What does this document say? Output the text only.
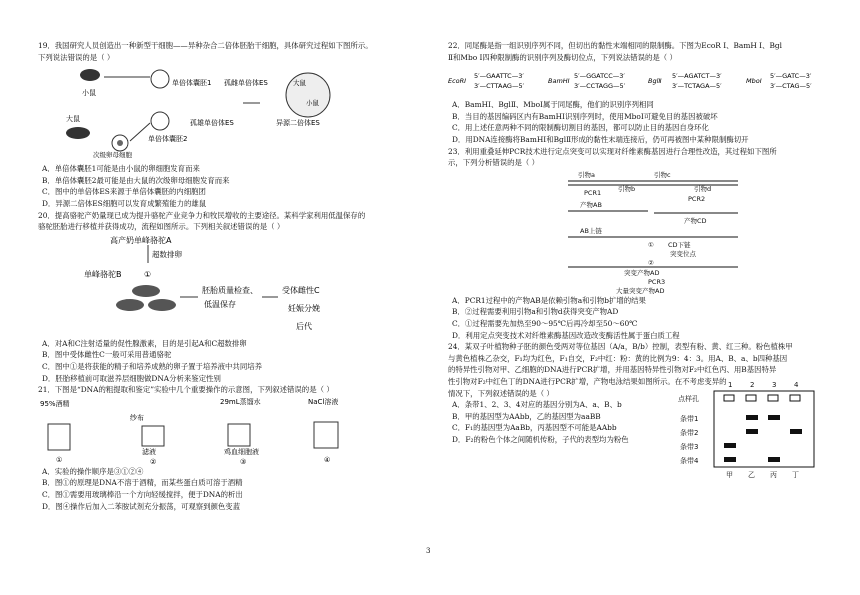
19．我国研究人员创造出一种新型干细胞——异种杂合二倍体胚胎干细胞，具体研究过程如下图所示。
下列说法错误的是（ ）

小鼠
大鼠
次级卵母细胞
单倍体囊胚1
单倍体囊胚2
孤雌单倍体ES
孤雄单倍体ES
大鼠
小鼠
异源二倍体ES

A．单倍体囊胚1可能是由小鼠的卵细胞发育而来

B．单倍体囊胚2最可能是由大鼠的次级卵母细胞发育而来

C．图中的单倍体ES来源于单倍体囊胚的内细胞团

D．异源二倍体ES细胞可以发育成繁殖能力的雄鼠

20．提高骆驼产奶量现已成为提升骆驼产业竞争力和牧民增收的主要途径。某科学家利用低温保存的
骆驼胚胎进行移植并获得成功，流程如图所示。下列相关叙述错误的是（ ）

高产奶单峰骆驼A
超数排卵
单峰骆驼B	①
胚胎质量检查、
低温保存
受体雌性C
妊娠分娩
后代

A．对A和C注射适量的促性腺激素，目的是引起A和C超数排卵

B．图中受体雌性C一般可采用普通骆驼

C．图中①是将获能的精子和培养成熟的卵子置于培养液中共同培养

D．胚胎移植前可取滋养层细胞做DNA分析来鉴定性别

21．下图是“DNA的粗提取和鉴定”实验中几个重要操作的示意图，下列叙述错误的是（ ）

95%酒精
①
纱布
滤液
②
29mL蒸馏水
鸡血细胞液
③
NaCl溶液
④

A．实验的操作顺序是③①②④

B．图①的原理是DNA不溶于酒精，而某些蛋白质可溶于酒精

C．图①需要用玻璃棒沿一个方向轻缓搅拌，便于DNA的析出

D．图④操作后加入二苯胺试剂充分振荡，可观察到颜色变蓝

22．同尾酶是指一组识别序列不同，但切出的黏性末端相同的限制酶。下图为EcoR Ⅰ、BamH Ⅰ、Bgl
Ⅱ和Mbo Ⅰ四种限制酶的识别序列及酶切位点，下列说法错误的是（ ）

EcoRⅠ
5′—GAATTC—3′
3′—CTTAAG—5′
BamHⅠ
5′—GGATCC—3′
3′—CCTAGG—5′
BglⅡ
5′—AGATCT—3′
3′—TCTAGA—5′
MboⅠ
5′—GATC—3′
3′—CTAG—5′

A．BamHⅠ、BglⅡ、MboⅠ属于同尾酶，他们的识别序列相同

B．当目的基因编码区内有BamHⅠ识别序列时，使用MboⅠ可避免目的基因被破坏

C．用上述任意两种不同的限制酶切割目的基因，都可以防止目的基因自身环化

D．用DNA连接酶将BamHⅠ和BglⅡ形成的黏性末端连接后，仍可再被图中某种限制酶切开

23．利用重叠延伸PCR技术进行定点突变可以实现对纤维素酶基因进行合理性改造，其过程如下图所
示，下列分析错误的是（ ）

引物a	引物c
PCR1	引物b	引物d
PCR2
产物AB
产物CD
AB上链
① CD下链
突变位点
②
突变产物AD
PCR3
大量突变产物AD

A．PCR1过程中的产物AB是依赖引物a和引物b扩增的结果

B．②过程需要利用引物a和引物d获得突变产物AD

C．①过程需要先加热至90～95℃后再冷却至50～60℃

D．利用定点突变技术对纤维素酶基因改造改变酶活性属于蛋白质工程

24．某双子叶植物种子胚的颜色受两对等位基因（A/a，B/b）控制，表型有粉、黄、红三种。粉色植株甲
与黄色植株乙杂交，F₁均为红色，F₁自交，F₂中红：粉：黄的比例为9：4：3。用A、B、a、b四种基因
的特异性引物对甲、乙细胞的DNA进行PCR扩增，并用基因特异性引物对F₂中红色丙、用B基因特异
性引物对F₂中红色丁的DNA进行PCR扩增，产物电泳结果如图所示。在不考虑变异的
情况下，下列叙述错误的是（ ）

A．条带1、2、3、4对应的基因分别为A、a、B、b

B．甲的基因型为AAbb，乙的基因型为aaBB

C．F₁的基因型为AaBb，丙基因型不可能是AAbb

D．F₂的粉色个体之间随机传粉，子代的表型均为粉色

1	2	3	4
点样孔
条带1
条带2
条带3
条带4
甲 乙 丙 丁
3
